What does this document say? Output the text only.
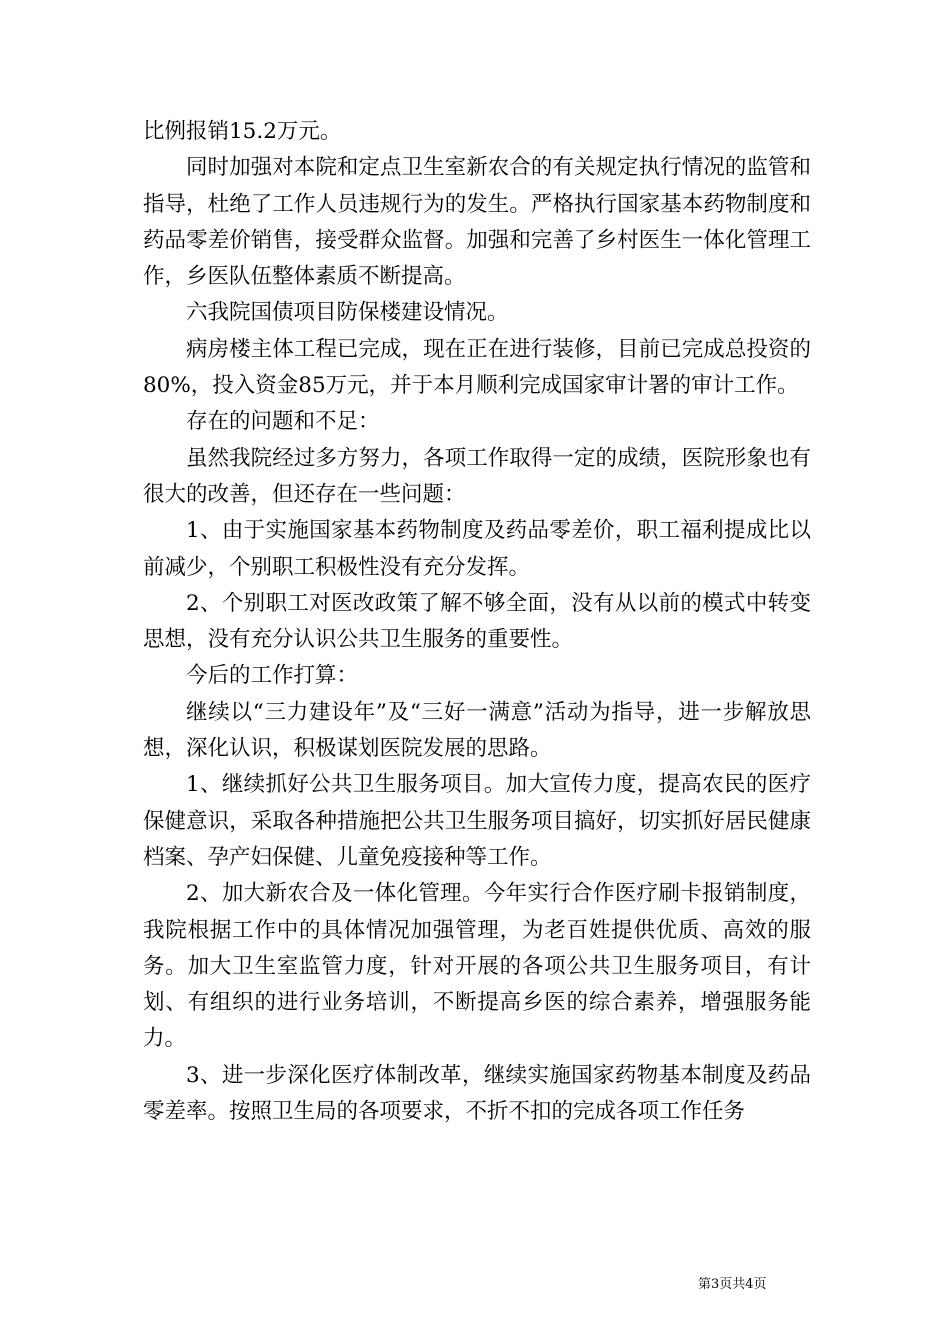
比例报销15.2万元。

同时加强对本院和定点卫生室新农合的有关规定执行情况的监管和指导，杜绝了工作人员违规行为的发生。严格执行国家基本药物制度和药品零差价销售，接受群众监督。加强和完善了乡村医生一体化管理工作，乡医队伍整体素质不断提高。

六我院国债项目防保楼建设情况。

病房楼主体工程已完成，现在正在进行装修，目前已完成总投资的80%，投入资金85万元，并于本月顺利完成国家审计署的审计工作。

存在的问题和不足：

虽然我院经过多方努力，各项工作取得一定的成绩，医院形象也有很大的改善，但还存在一些问题：

1、由于实施国家基本药物制度及药品零差价，职工福利提成比以前减少，个别职工积极性没有充分发挥。

2、个别职工对医改政策了解不够全面，没有从以前的模式中转变思想，没有充分认识公共卫生服务的重要性。

今后的工作打算：

继续以“三力建设年”及“三好一满意”活动为指导，进一步解放思想，深化认识，积极谋划医院发展的思路。

1、继续抓好公共卫生服务项目。加大宣传力度，提高农民的医疗保健意识，采取各种措施把公共卫生服务项目搞好，切实抓好居民健康档案、孕产妇保健、儿童免疫接种等工作。

2、加大新农合及一体化管理。今年实行合作医疗刷卡报销制度，我院根据工作中的具体情况加强管理，为老百姓提供优质、高效的服务。加大卫生室监管力度，针对开展的各项公共卫生服务项目，有计划、有组织的进行业务培训，不断提高乡医的综合素养，增强服务能力。

3、进一步深化医疗体制改革，继续实施国家药物基本制度及药品零差率。按照卫生局的各项要求，不折不扣的完成各项工作任务

第3页共4页
